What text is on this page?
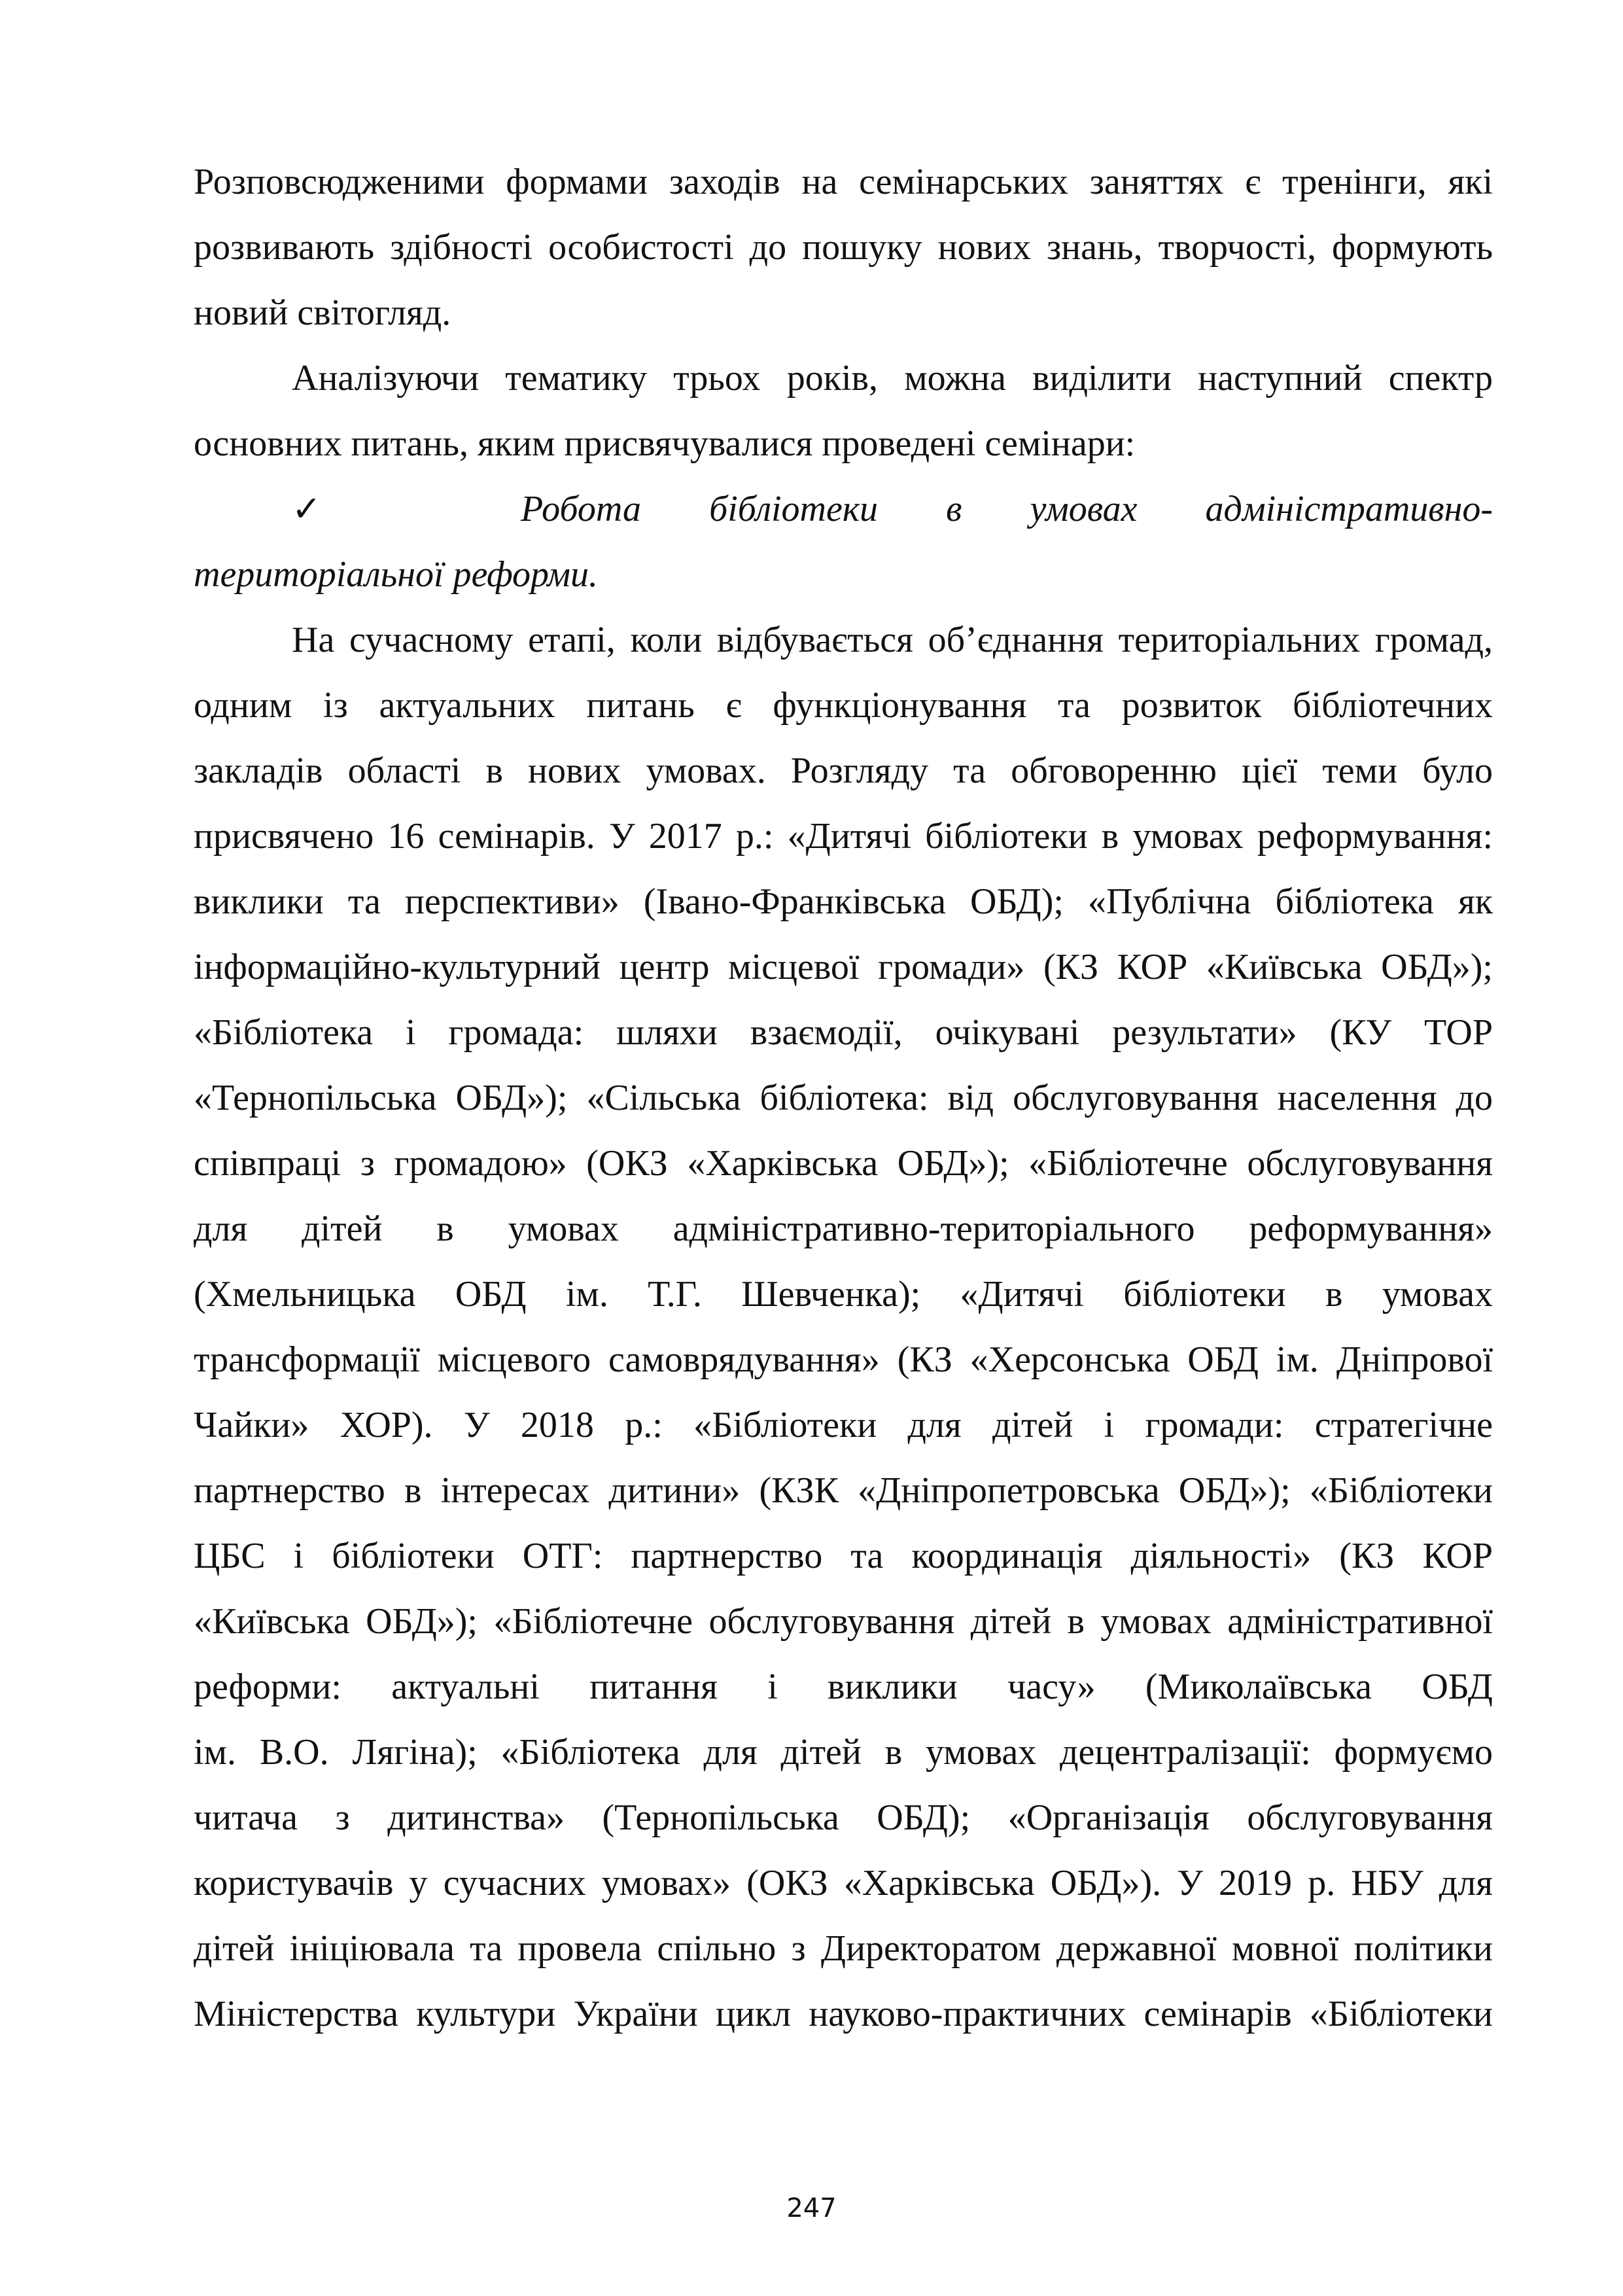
Розповсюдженими формами заходів на семінарських заняттях є тренінги, які
розвивають здібності особистості до пошуку нових знань, творчості, формують
новий світогляд.
Аналізуючи тематику трьох років, можна виділити наступний спектр
основних питань, яким присвячувалися проведені семінари:
✓	Робота бібліотеки в умовах адміністративно-
територіальної реформи.
На сучасному етапі, коли відбувається об’єднання територіальних громад,
одним із актуальних питань є функціонування та розвиток бібліотечних
закладів області в нових умовах. Розгляду та обговоренню цієї теми було
присвячено 16 семінарів. У 2017 р.: «Дитячі бібліотеки в умовах реформування:
виклики та перспективи» (Івано-Франківська ОБД); «Публічна бібліотека як
інформаційно-культурний центр місцевої громади» (КЗ КОР «Київська ОБД»);
«Бібліотека і громада: шляхи взаємодії, очікувані результати» (КУ ТОР
«Тернопільська ОБД»); «Сільська бібліотека: від обслуговування населення до
співпраці з громадою» (ОКЗ «Харківська ОБД»); «Бібліотечне обслуговування
для дітей в умовах адміністративно-територіального реформування»
(Хмельницька ОБД ім. Т.Г. Шевченка); «Дитячі бібліотеки в умовах
трансформації місцевого самоврядування» (КЗ «Херсонська ОБД ім. Дніпрової
Чайки» ХОР). У 2018 р.: «Бібліотеки для дітей і громади: стратегічне
партнерство в інтересах дитини» (КЗК «Дніпропетровська ОБД»); «Бібліотеки
ЦБС і бібліотеки ОТГ: партнерство та координація діяльності» (КЗ КОР
«Київська ОБД»); «Бібліотечне обслуговування дітей в умовах адміністративної
реформи: актуальні питання і виклики часу» (Миколаївська ОБД
ім. В.О. Лягіна); «Бібліотека для дітей в умовах децентралізації: формуємо
читача з дитинства» (Тернопільська ОБД); «Організація обслуговування
користувачів у сучасних умовах» (ОКЗ «Харківська ОБД»). У 2019 р. НБУ для
дітей ініціювала та провела спільно з Директоратом державної мовної політики
Міністерства культури України цикл науково-практичних семінарів «Бібліотеки
247
